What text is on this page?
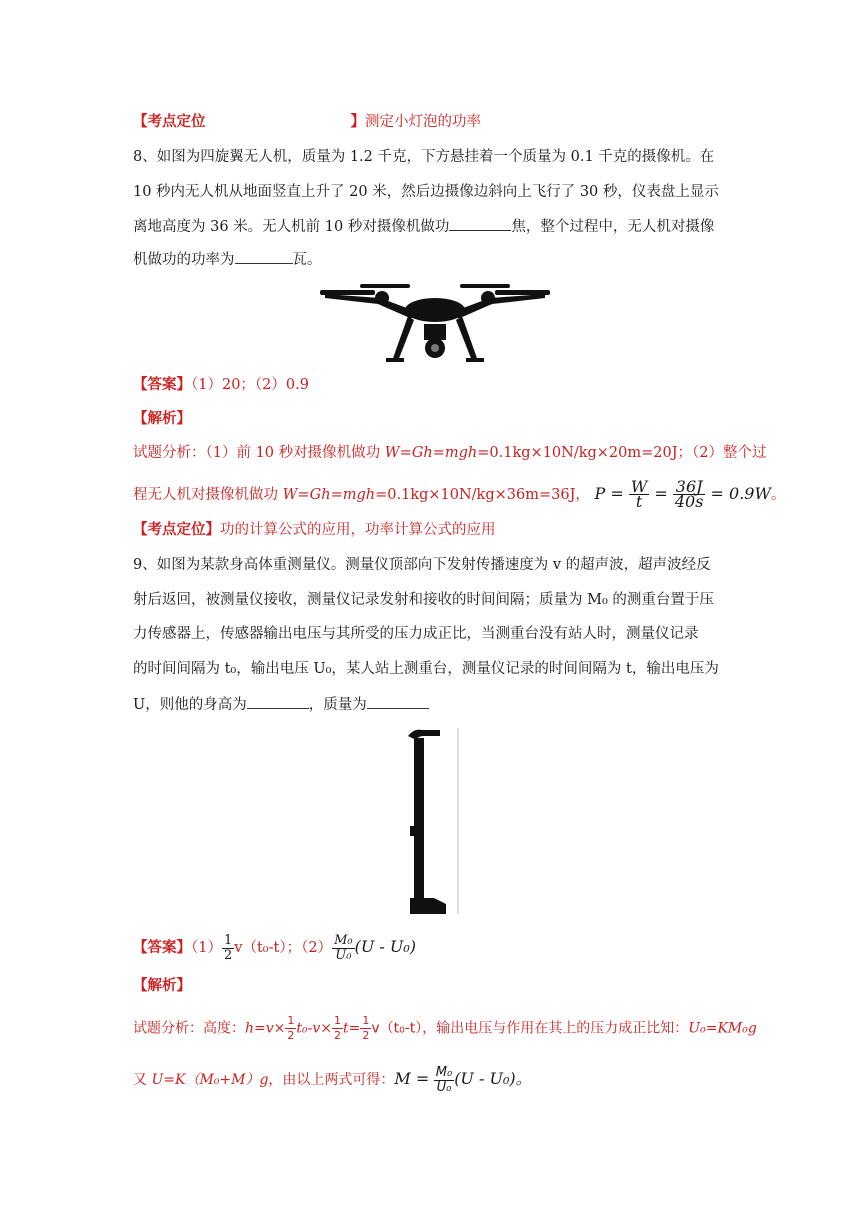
【考点定位	】测定小灯泡的功率
8、如图为四旋翼无人机，质量为 1.2 千克，下方悬挂着一个质量为 0.1 千克的摄像机。在
10 秒内无人机从地面竖直上升了 20 米，然后边摄像边斜向上飞行了 30 秒，仪表盘上显示
离地高度为 36 米。无人机前 10 秒对摄像机做功	焦，整个过程中，无人机对摄像
机做功的功率为	瓦。
【答案】（1）20；（2）0.9
【解析】
试题分析：（1）前 10 秒对摄像机做功 W=Gh=mgh=0.1kg×10N/kg×20m=20J；（2）整个过
程无人机对摄像机做功 W=Gh=mgh=0.1kg×10N/kg×36m=36J， $P = \frac{W}{t} = \frac{36J}{40s} = 0.9W$。
【考点定位】功的计算公式的应用，功率计算公式的应用
9、如图为某款身高体重测量仪。测量仪顶部向下发射传播速度为 v 的超声波，超声波经反
射后返回，被测量仪接收，测量仪记录发射和接收的时间间隔；质量为 M₀ 的测重台置于压
力传感器上，传感器输出电压与其所受的压力成正比，当测重台没有站人时，测量仪记录
的时间间隔为 t₀，输出电压 U₀，某人站上测重台，测量仪记录的时间间隔为 t，输出电压为
U，则他的身高为	，质量为
【答案】$(1) \frac{1}{2} v(t_0-t)$；$(2) \frac{\text{M₀}}{\text{U₀}} (U - U_0)$
【解析】
试题分析：高度：$h=v\times \frac{1}{2} t_0-v\times \frac{1}{2} t= \frac{1}{2} v(t_0-t)$，输出电压与作用在其上的压力成正比知：U₀=KM₀g
又 U=K（M₀+M）g，由以上两式可得：$M = \frac{\text{M₀}}{\text{U₀}} (U - U_0)$。
